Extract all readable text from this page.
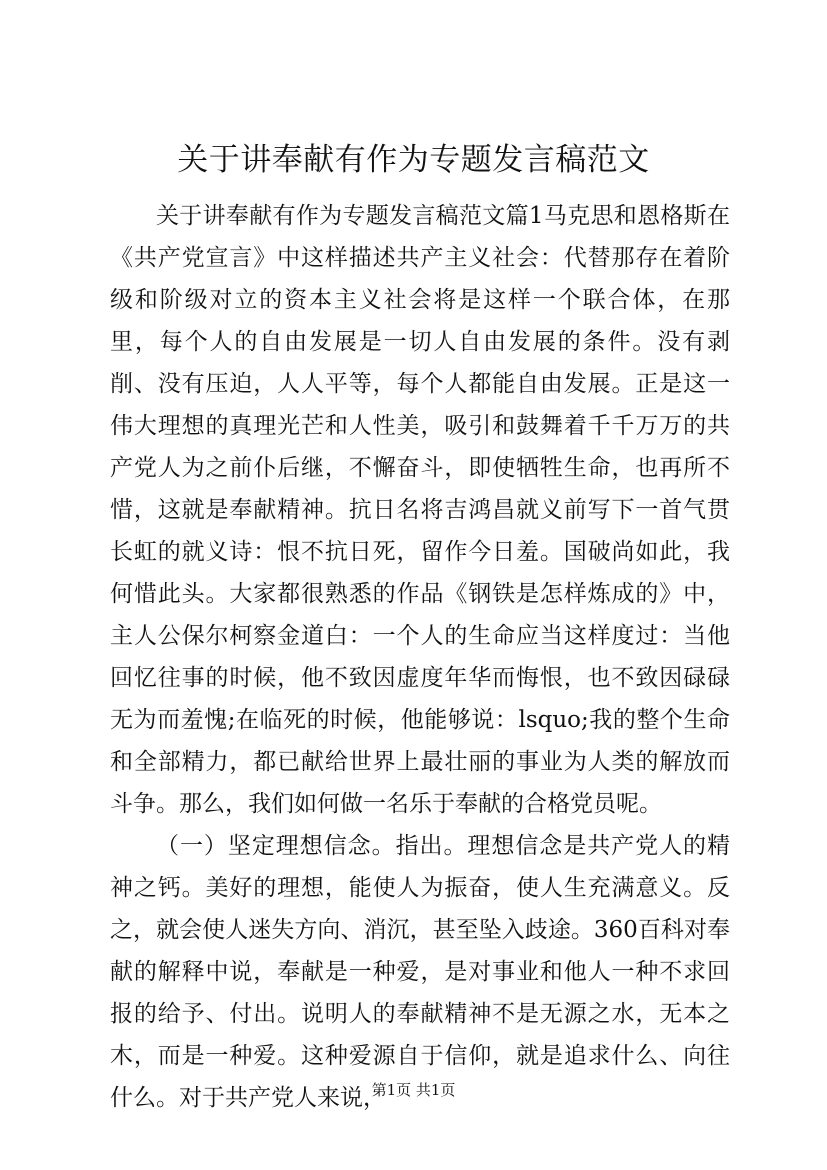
关于讲奉献有作为专题发言稿范文

关于讲奉献有作为专题发言稿范文篇1马克思和恩格斯在《共产党宣言》中这样描述共产主义社会：代替那存在着阶级和阶级对立的资本主义社会将是这样一个联合体，在那里，每个人的自由发展是一切人自由发展的条件。没有剥削、没有压迫，人人平等，每个人都能自由发展。正是这一伟大理想的真理光芒和人性美，吸引和鼓舞着千千万万的共产党人为之前仆后继，不懈奋斗，即使牺牲生命，也再所不惜，这就是奉献精神。抗日名将吉鸿昌就义前写下一首气贯长虹的就义诗：恨不抗日死，留作今日羞。国破尚如此，我何惜此头。大家都很熟悉的作品《钢铁是怎样炼成的》中，主人公保尔柯察金道白：一个人的生命应当这样度过：当他回忆往事的时候，他不致因虚度年华而悔恨，也不致因碌碌无为而羞愧;在临死的时候，他能够说：lsquo;我的整个生命和全部精力，都已献给世界上最壮丽的事业为人类的解放而斗争。那么，我们如何做一名乐于奉献的合格党员呢。

（一）坚定理想信念。指出。理想信念是共产党人的精神之钙。美好的理想，能使人为振奋，使人生充满意义。反之，就会使人迷失方向、消沉，甚至坠入歧途。360百科对奉献的解释中说，奉献是一种爱，是对事业和他人一种不求回报的给予、付出。说明人的奉献精神不是无源之水，无本之木，而是一种爱。这种爱源自于信仰，就是追求什么、向往什么。对于共产党人来说，

第1页 共1页
